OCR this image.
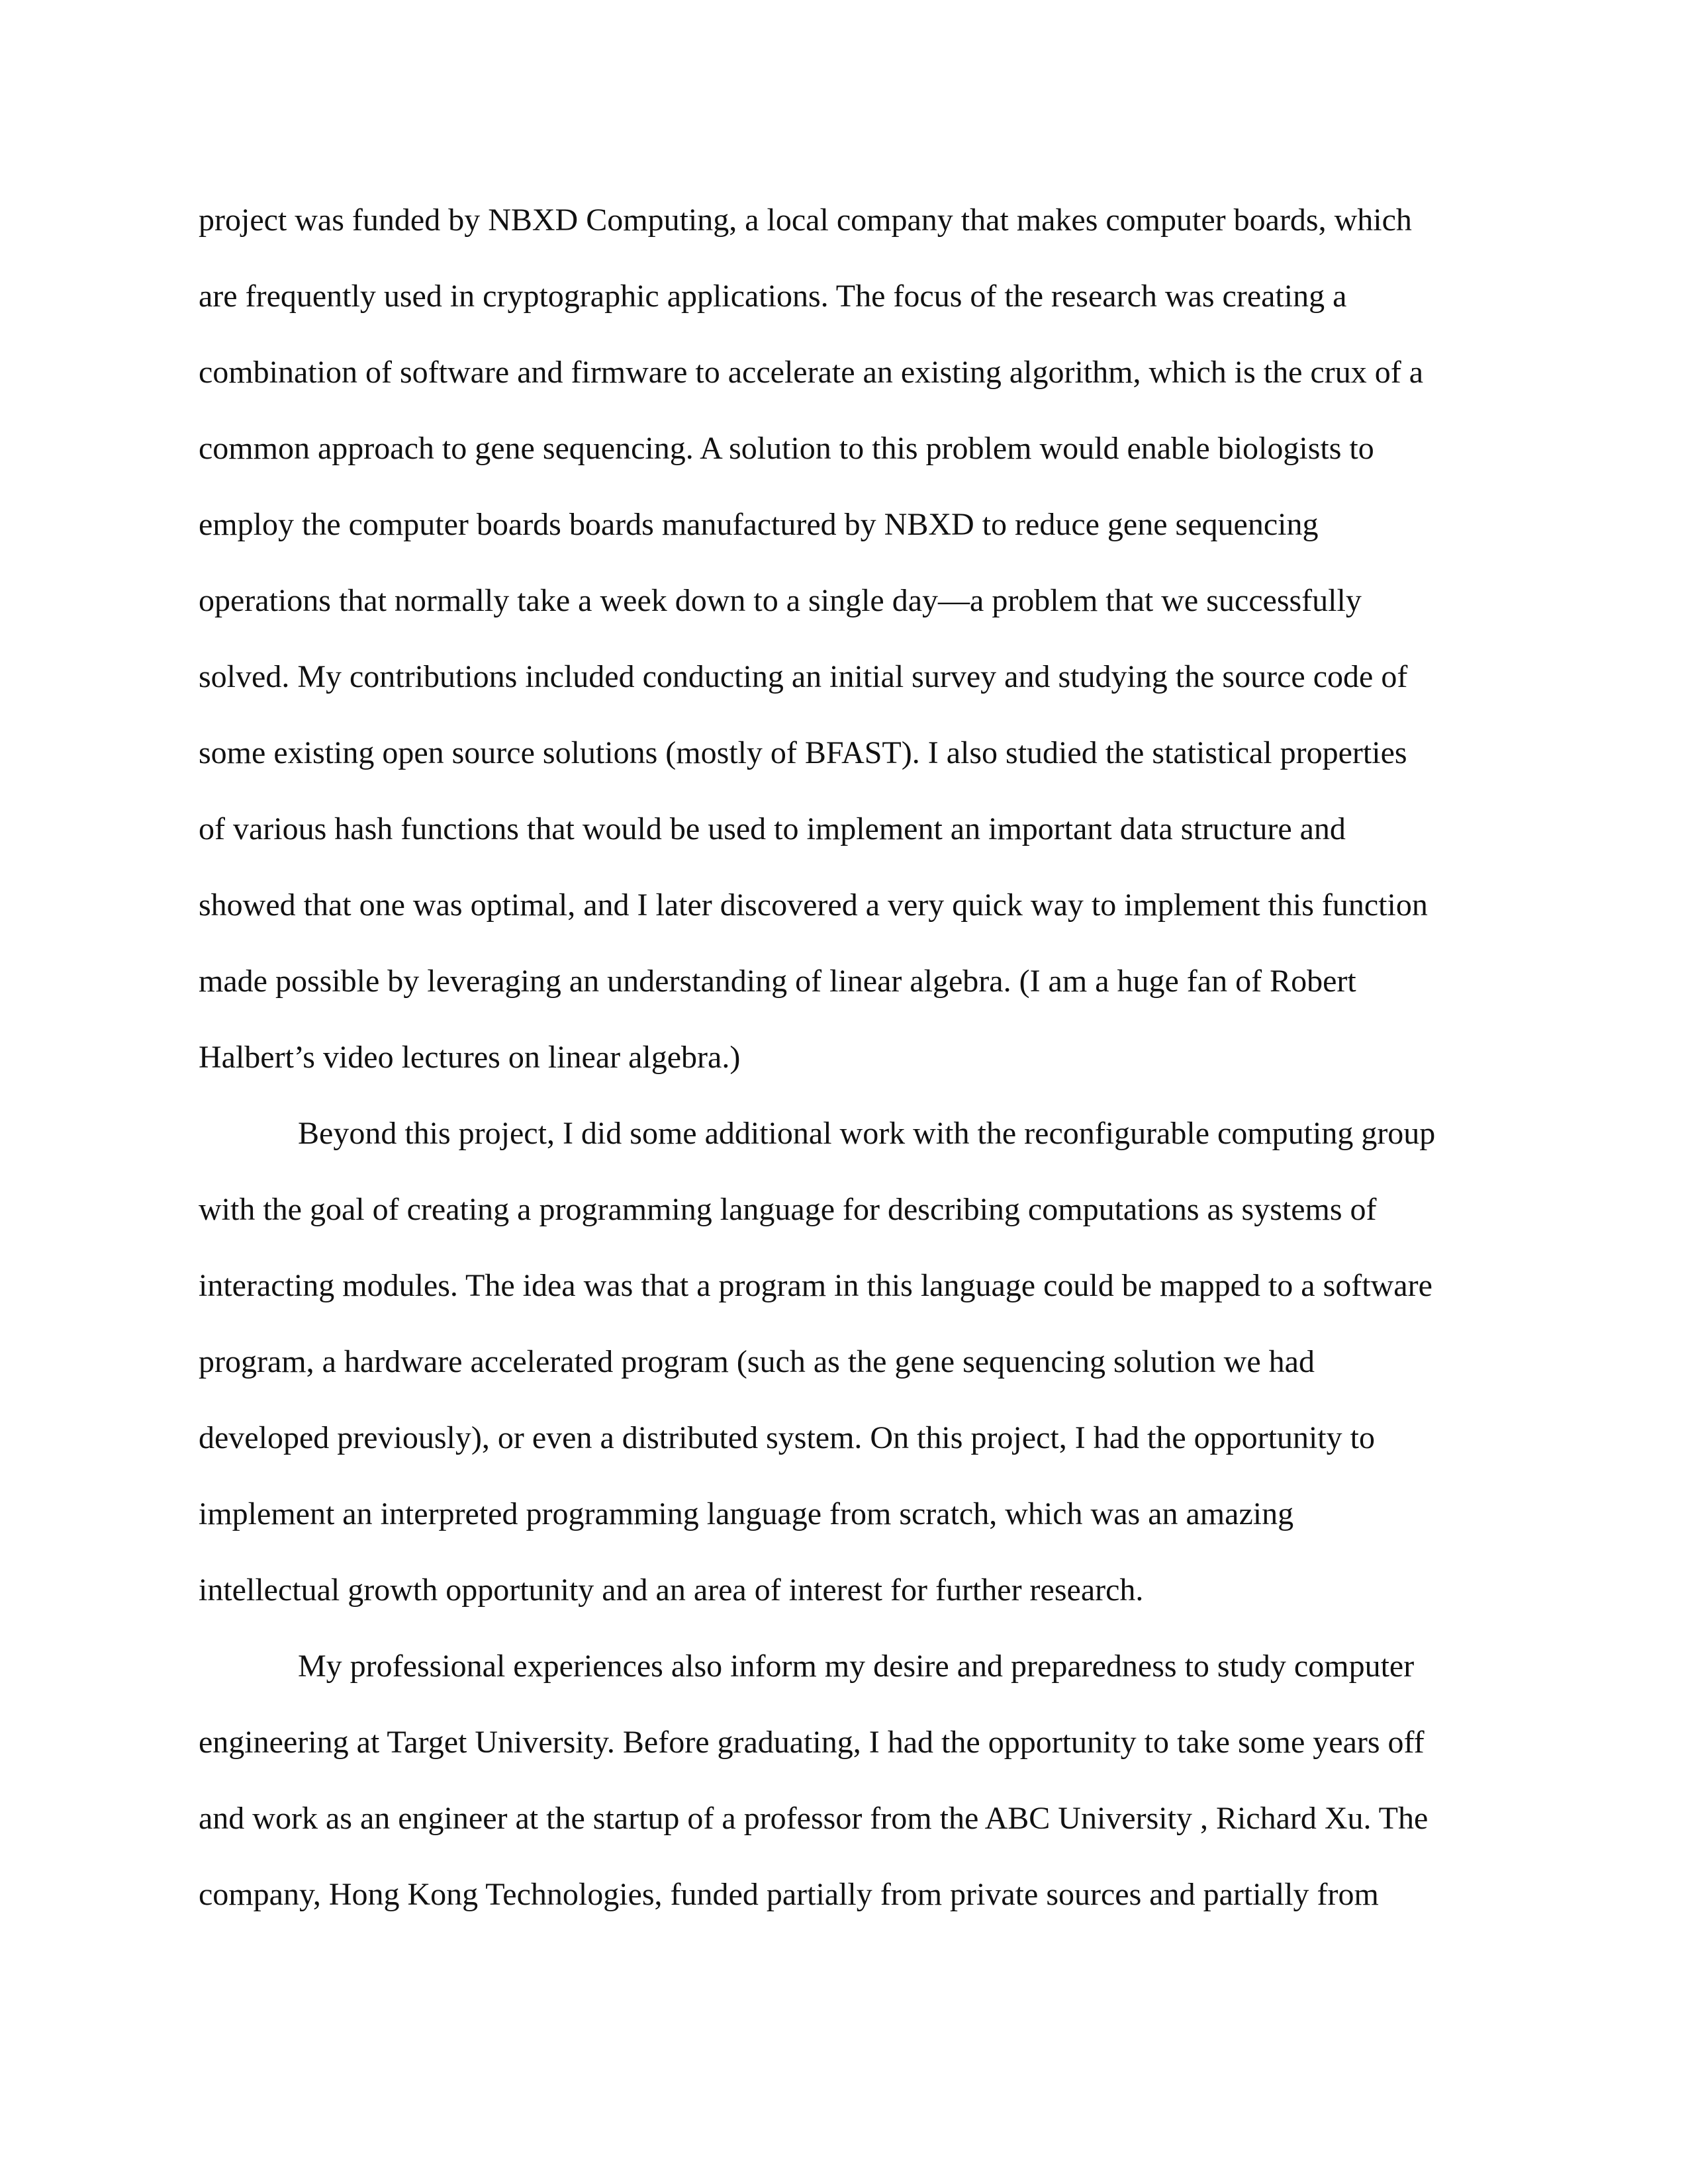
project was funded by NBXD Computing, a local company that makes computer boards, which
are frequently used in cryptographic applications. The focus of the research was creating a
combination of software and firmware to accelerate an existing algorithm, which is the crux of a
common approach to gene sequencing. A solution to this problem would enable biologists to
employ the computer boards boards manufactured by NBXD to reduce gene sequencing
operations that normally take a week down to a single day—a problem that we successfully
solved. My contributions included conducting an initial survey and studying the source code of
some existing open source solutions (mostly of BFAST). I also studied the statistical properties
of various hash functions that would be used to implement an important data structure and
showed that one was optimal, and I later discovered a very quick way to implement this function
made possible by leveraging an understanding of linear algebra. (I am a huge fan of Robert
Halbert’s video lectures on linear algebra.)
Beyond this project, I did some additional work with the reconfigurable computing group
with the goal of creating a programming language for describing computations as systems of
interacting modules. The idea was that a program in this language could be mapped to a software
program, a hardware accelerated program (such as the gene sequencing solution we had
developed previously), or even a distributed system. On this project, I had the opportunity to
implement an interpreted programming language from scratch, which was an amazing
intellectual growth opportunity and an area of interest for further research.
My professional experiences also inform my desire and preparedness to study computer
engineering at Target University. Before graduating, I had the opportunity to take some years off
and work as an engineer at the startup of a professor from the ABC University , Richard Xu. The
company, Hong Kong Technologies, funded partially from private sources and partially from
